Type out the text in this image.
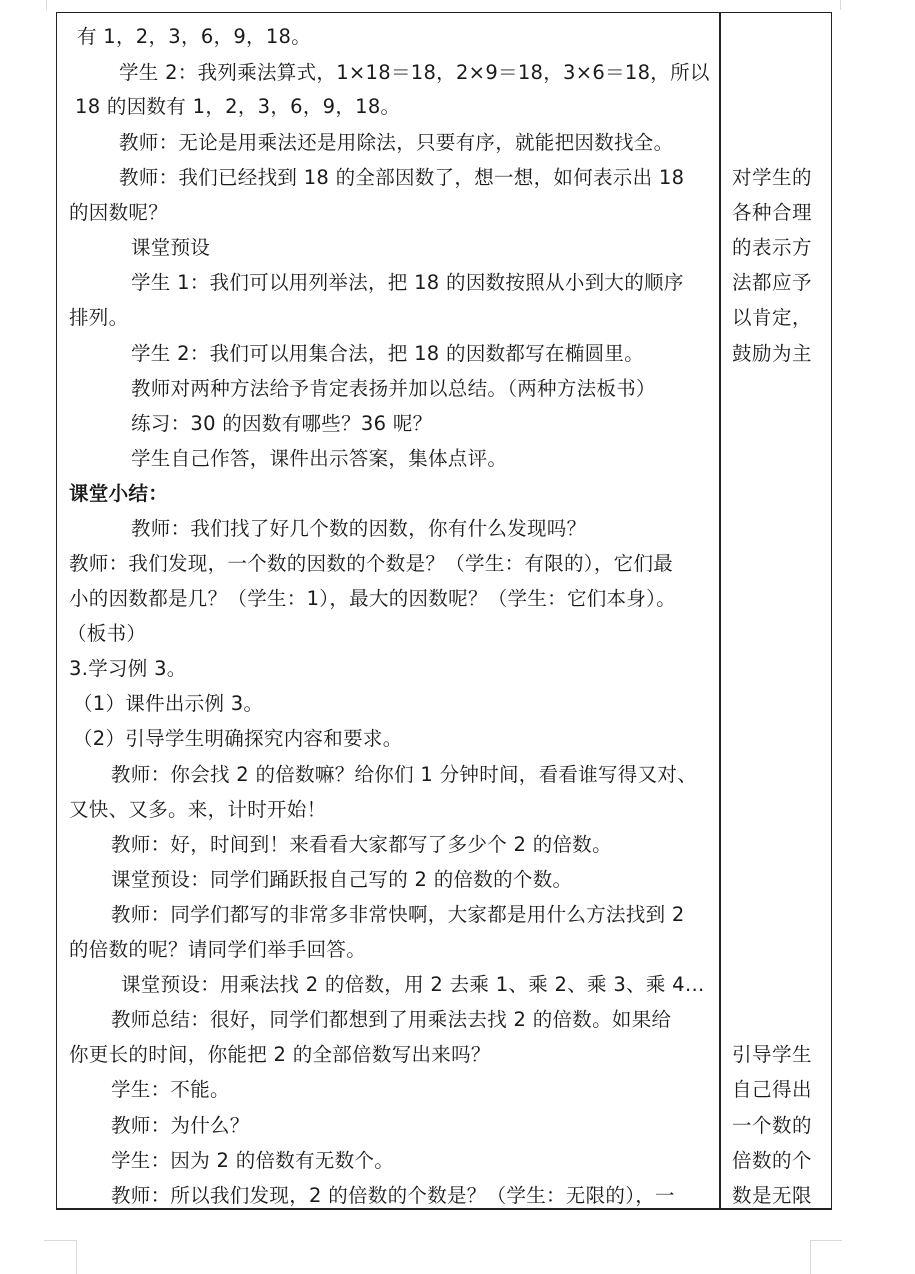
有 1，2，3，6，9，18。
学生 2：我列乘法算式，1×18＝18，2×9＝18，3×6＝18，所以
18 的因数有 1，2，3，6，9，18。
教师：无论是用乘法还是用除法，只要有序，就能把因数找全。
教师：我们已经找到 18 的全部因数了，想一想，如何表示出 18
的因数呢？
课堂预设
学生 1：我们可以用列举法，把 18 的因数按照从小到大的顺序
排列。
学生 2：我们可以用集合法，把 18 的因数都写在椭圆里。
教师对两种方法给予肯定表扬并加以总结。（两种方法板书）
练习：30 的因数有哪些？36 呢？
学生自己作答，课件出示答案，集体点评。
课堂小结：
教师：我们找了好几个数的因数，你有什么发现吗？
教师：我们发现，一个数的因数的个数是？（学生：有限的），它们最
小的因数都是几？（学生：1），最大的因数呢？（学生：它们本身）。
（板书）
3.学习例 3。
（1）课件出示例 3。
（2）引导学生明确探究内容和要求。
教师：你会找 2 的倍数嘛？给你们 1 分钟时间，看看谁写得又对、
又快、又多。来，计时开始！
教师：好，时间到！来看看大家都写了多少个 2 的倍数。
课堂预设：同学们踊跃报自己写的 2 的倍数的个数。
教师：同学们都写的非常多非常快啊，大家都是用什么方法找到 2
的倍数的呢？请同学们举手回答。
课堂预设：用乘法找 2 的倍数，用 2 去乘 1、乘 2、乘 3、乘 4…
教师总结：很好，同学们都想到了用乘法去找 2 的倍数。如果给
你更长的时间，你能把 2 的全部倍数写出来吗？
学生：不能。
教师：为什么？
学生：因为 2 的倍数有无数个。
教师：所以我们发现，2 的倍数的个数是？（学生：无限的），一
对学生的
各种合理
的表示方
法都应予
以肯定，
鼓励为主
引导学生
自己得出
一个数的
倍数的个
数是无限
